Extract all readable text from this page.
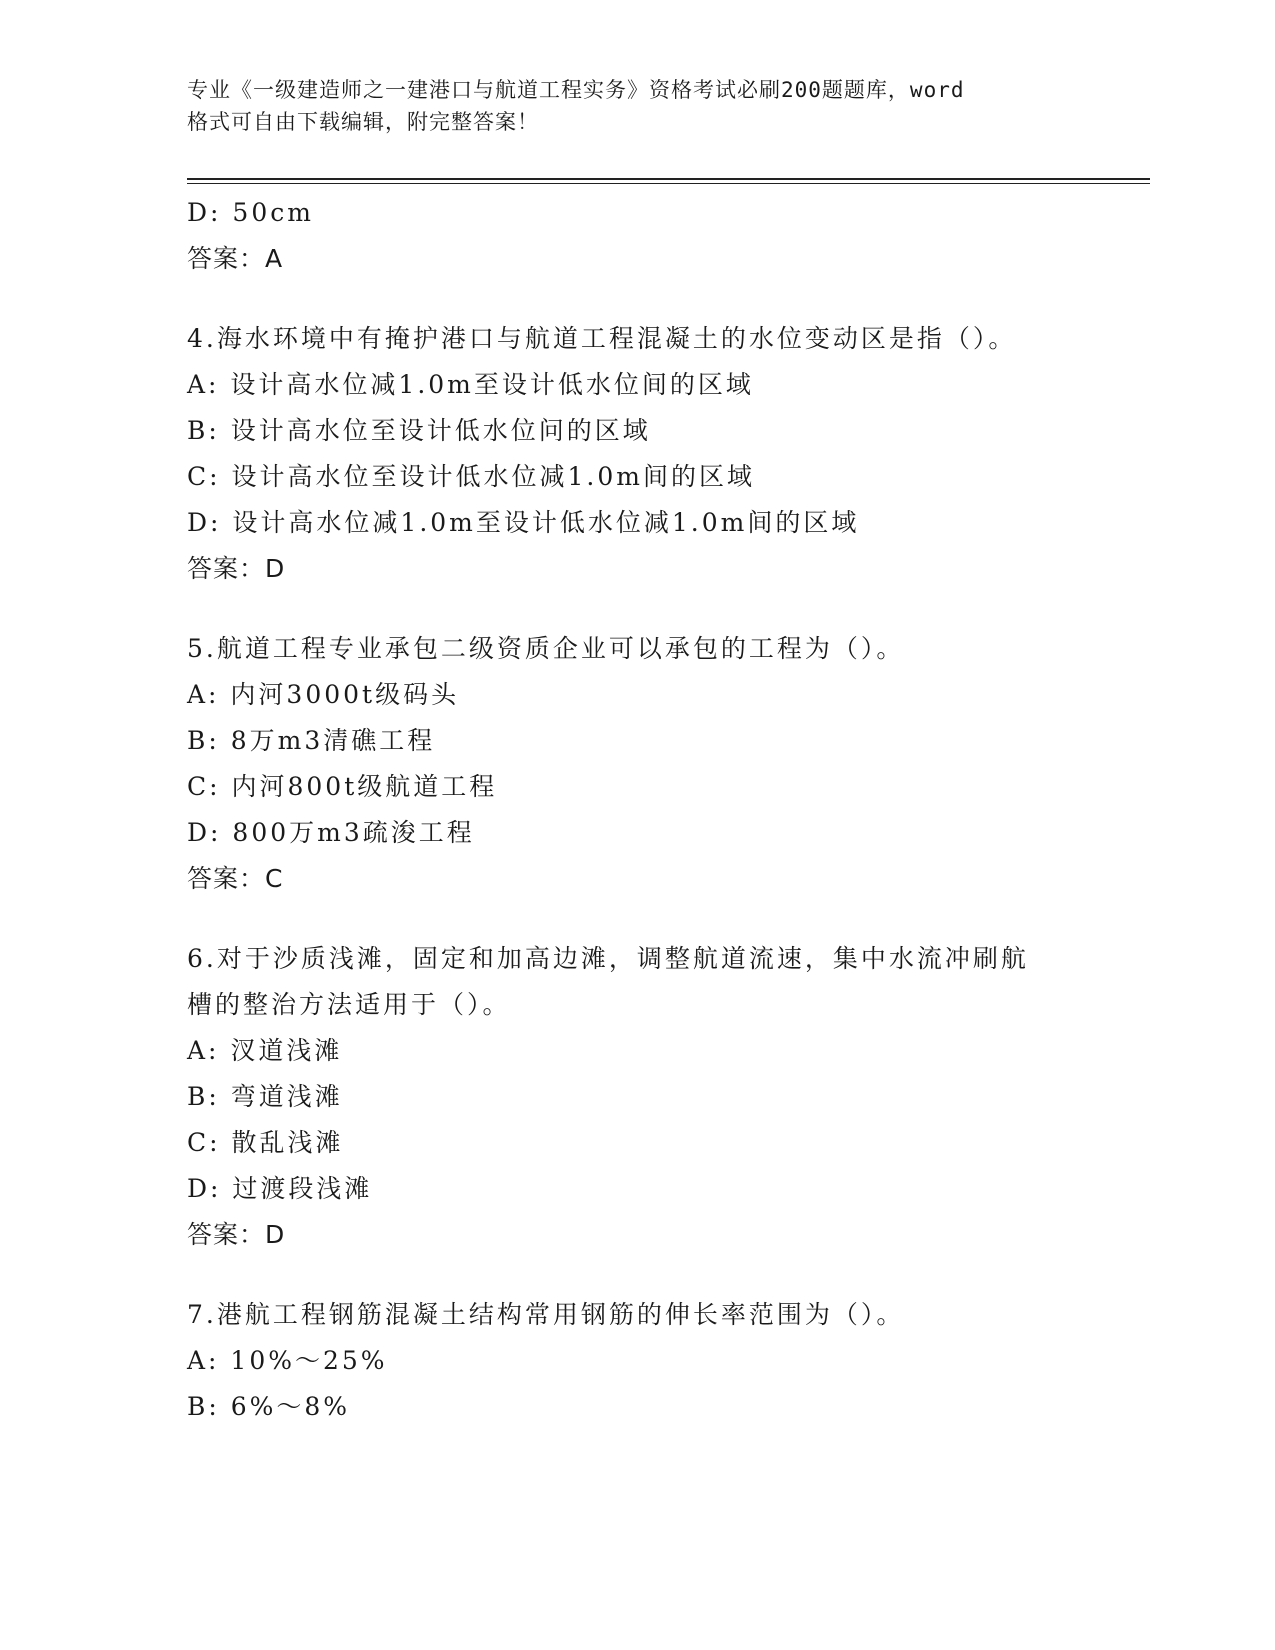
专业《一级建造师之一建港口与航道工程实务》资格考试必刷200题题库，word
格式可自由下载编辑，附完整答案！
D: 50cm
答案：A
4.海水环境中有掩护港口与航道工程混凝土的水位变动区是指（）。
A: 设计高水位减1.0m至设计低水位间的区域
B: 设计高水位至设计低水位问的区域
C: 设计高水位至设计低水位减1.0m间的区域
D: 设计高水位减1.0m至设计低水位减1.0m间的区域
答案：D
5.航道工程专业承包二级资质企业可以承包的工程为（）。
A: 内河3000t级码头
B: 8万m3清礁工程
C: 内河800t级航道工程
D: 800万m3疏浚工程
答案：C
6.对于沙质浅滩，固定和加高边滩，调整航道流速，集中水流冲刷航
槽的整治方法适用于（）。
A: 汊道浅滩
B: 弯道浅滩
C: 散乱浅滩
D: 过渡段浅滩
答案：D
7.港航工程钢筋混凝土结构常用钢筋的伸长率范围为（）。
A: 10%～25%
B: 6%～8%
